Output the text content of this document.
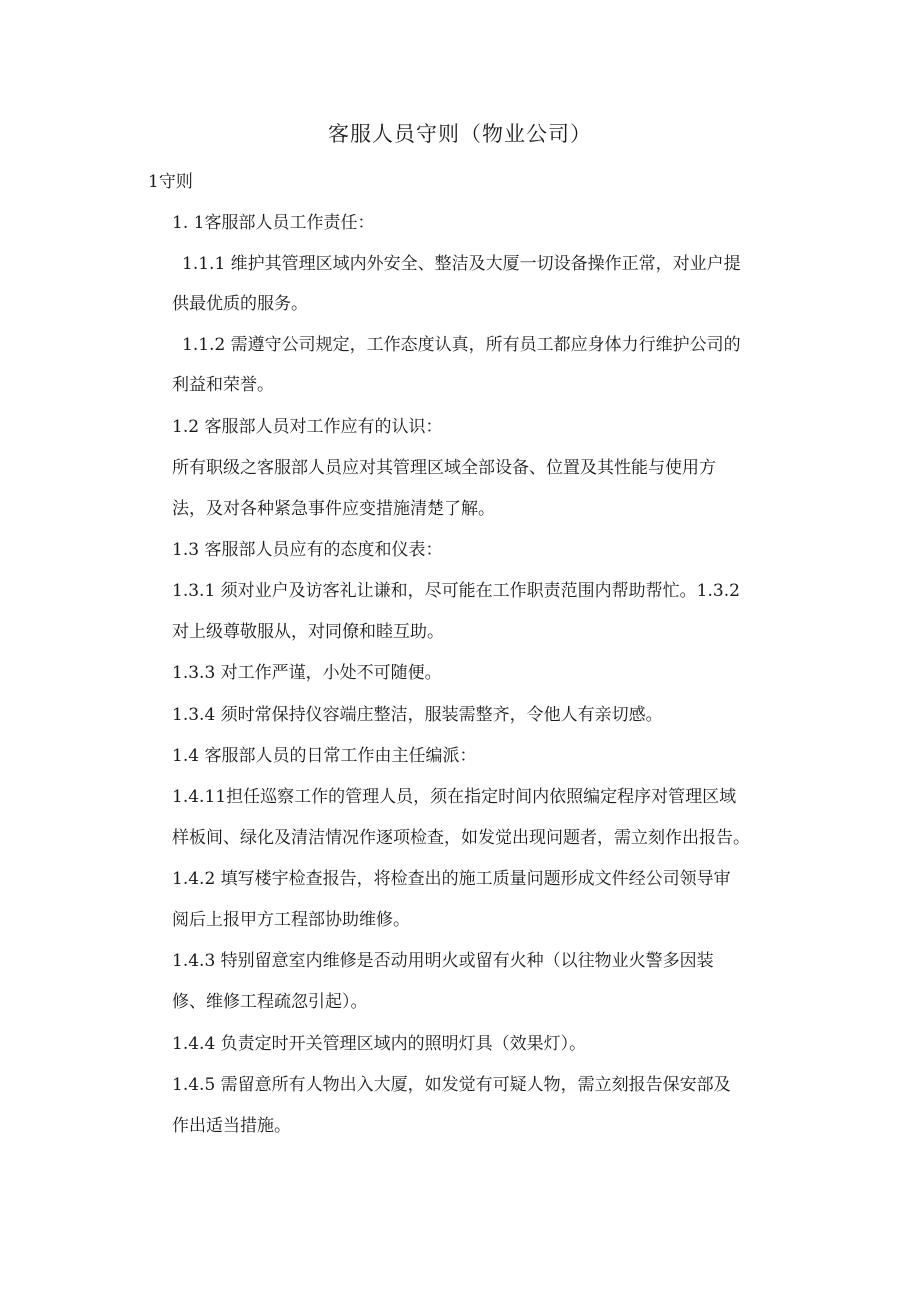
客服人员守则（物业公司）
1守则
1. 1客服部人员工作责任：
1.1.1 维护其管理区域内外安全、整洁及大厦一切设备操作正常，对业户提
供最优质的服务。
1.1.2 需遵守公司规定，工作态度认真，所有员工都应身体力行维护公司的
利益和荣誉。
1.2 客服部人员对工作应有的认识：
所有职级之客服部人员应对其管理区域全部设备、位置及其性能与使用方
法，及对各种紧急事件应变措施清楚了解。
1.3 客服部人员应有的态度和仪表：
1.3.1 须对业户及访客礼让谦和，尽可能在工作职责范围内帮助帮忙。1.3.2
对上级尊敬服从，对同僚和睦互助。
1.3.3 对工作严谨，小处不可随便。
1.3.4 须时常保持仪容端庄整洁，服装需整齐，令他人有亲切感。
1.4 客服部人员的日常工作由主任编派：
1.4.11担任巡察工作的管理人员，须在指定时间内依照编定程序对管理区域
样板间、绿化及清洁情况作逐项检查，如发觉出现问题者，需立刻作出报告。
1.4.2 填写楼宇检查报告，将检查出的施工质量问题形成文件经公司领导审
阅后上报甲方工程部协助维修。
1.4.3 特别留意室内维修是否动用明火或留有火种（以往物业火警多因装
修、维修工程疏忽引起）。
1.4.4 负责定时开关管理区域内的照明灯具（效果灯）。
1.4.5 需留意所有人物出入大厦，如发觉有可疑人物，需立刻报告保安部及
作出适当措施。
